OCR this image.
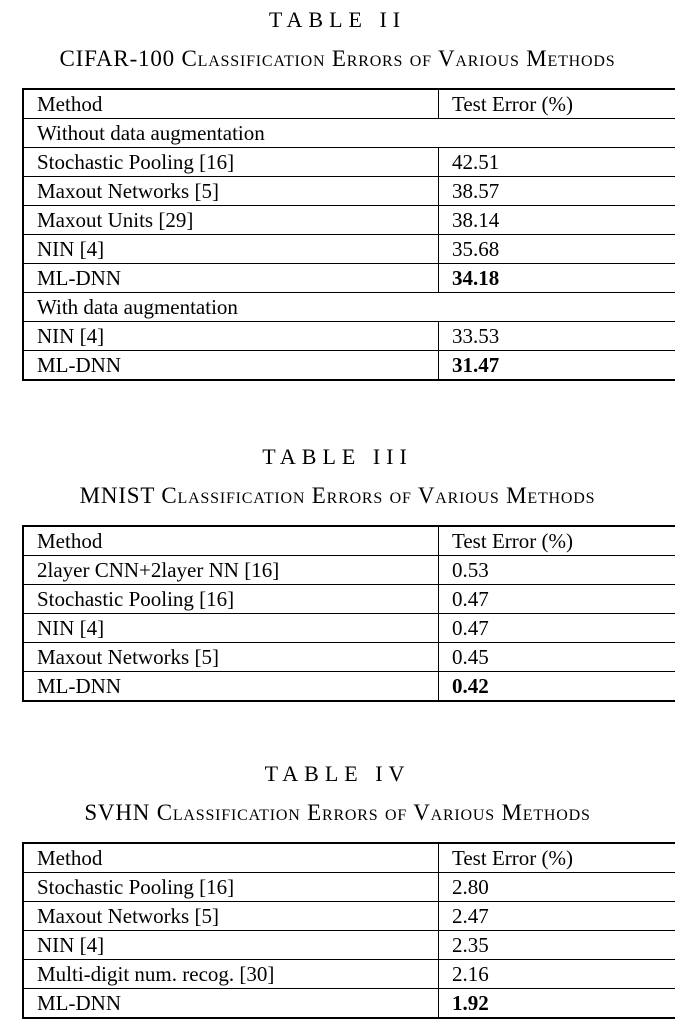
TABLE II
CIFAR-100 Classification Errors of Various Methods
Method	Test Error (%)
Without data augmentation	
Stochastic Pooling [16]	42.51
Maxout Networks [5]	38.57
Maxout Units [29]	38.14
NIN [4]	35.68
ML-DNN	34.18
With data augmentation	
NIN [4]	33.53
ML-DNN	31.47
TABLE III
MNIST Classification Errors of Various Methods
Method	Test Error (%)
2layer CNN+2layer NN [16]	0.53
Stochastic Pooling [16]	0.47
NIN [4]	0.47
Maxout Networks [5]	0.45
ML-DNN	0.42
TABLE IV
SVHN Classification Errors of Various Methods
Method	Test Error (%)
Stochastic Pooling [16]	2.80
Maxout Networks [5]	2.47
NIN [4]	2.35
Multi-digit num. recog. [30]	2.16
ML-DNN	1.92
